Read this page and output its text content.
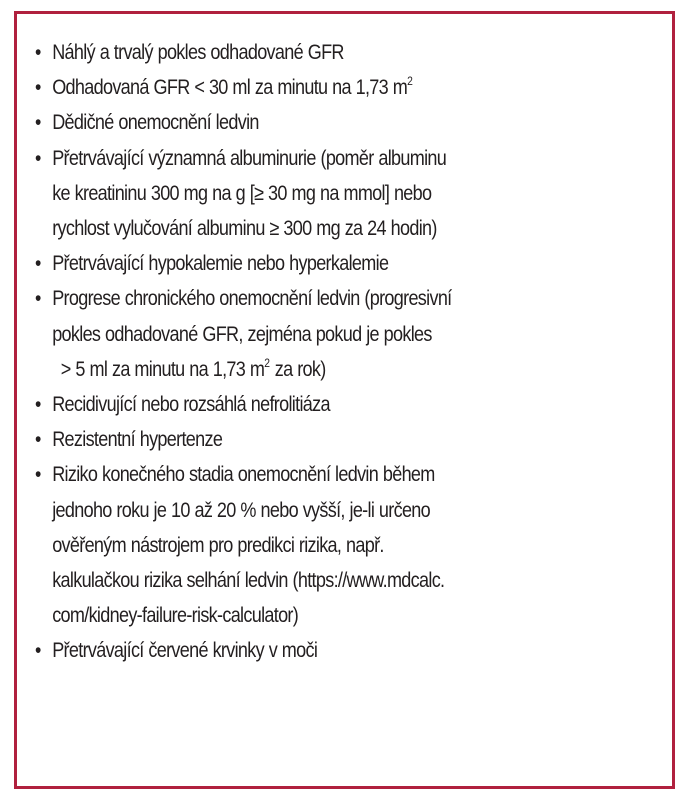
• Náhlý a trvalý pokles odhadované GFR
• Odhadovaná GFR < 30 ml za minutu na 1,73 $m^2$
• Dědičné onemocnění ledvin
• Přetrvávající významná albuminurie (poměr albuminu
ke kreatininu 300 mg na g [≥ 30 mg na mmol] nebo
rychlost vylučování albuminu ≥ 300 mg za 24 hodin)
• Přetrvávající hypokalemie nebo hyperkalemie
• Progrese chronického onemocnění ledvin (progresivní
pokles odhadované GFR, zejména pokud je pokles
> 5 ml za minutu na 1,73 $m^2$ za rok)
• Recidivující nebo rozsáhlá nefrolitiáza
• Rezistentní hypertenze
• Riziko konečného stadia onemocnění ledvin během
jednoho roku je 10 až 20 % nebo vyšší, je-li určeno
ověřeným nástrojem pro predikci rizika, např.
kalkulačkou rizika selhání ledvin (https://www.mdcalc.
com/kidney-failure-risk-calculator)
• Přetrvávající červené krvinky v moči
